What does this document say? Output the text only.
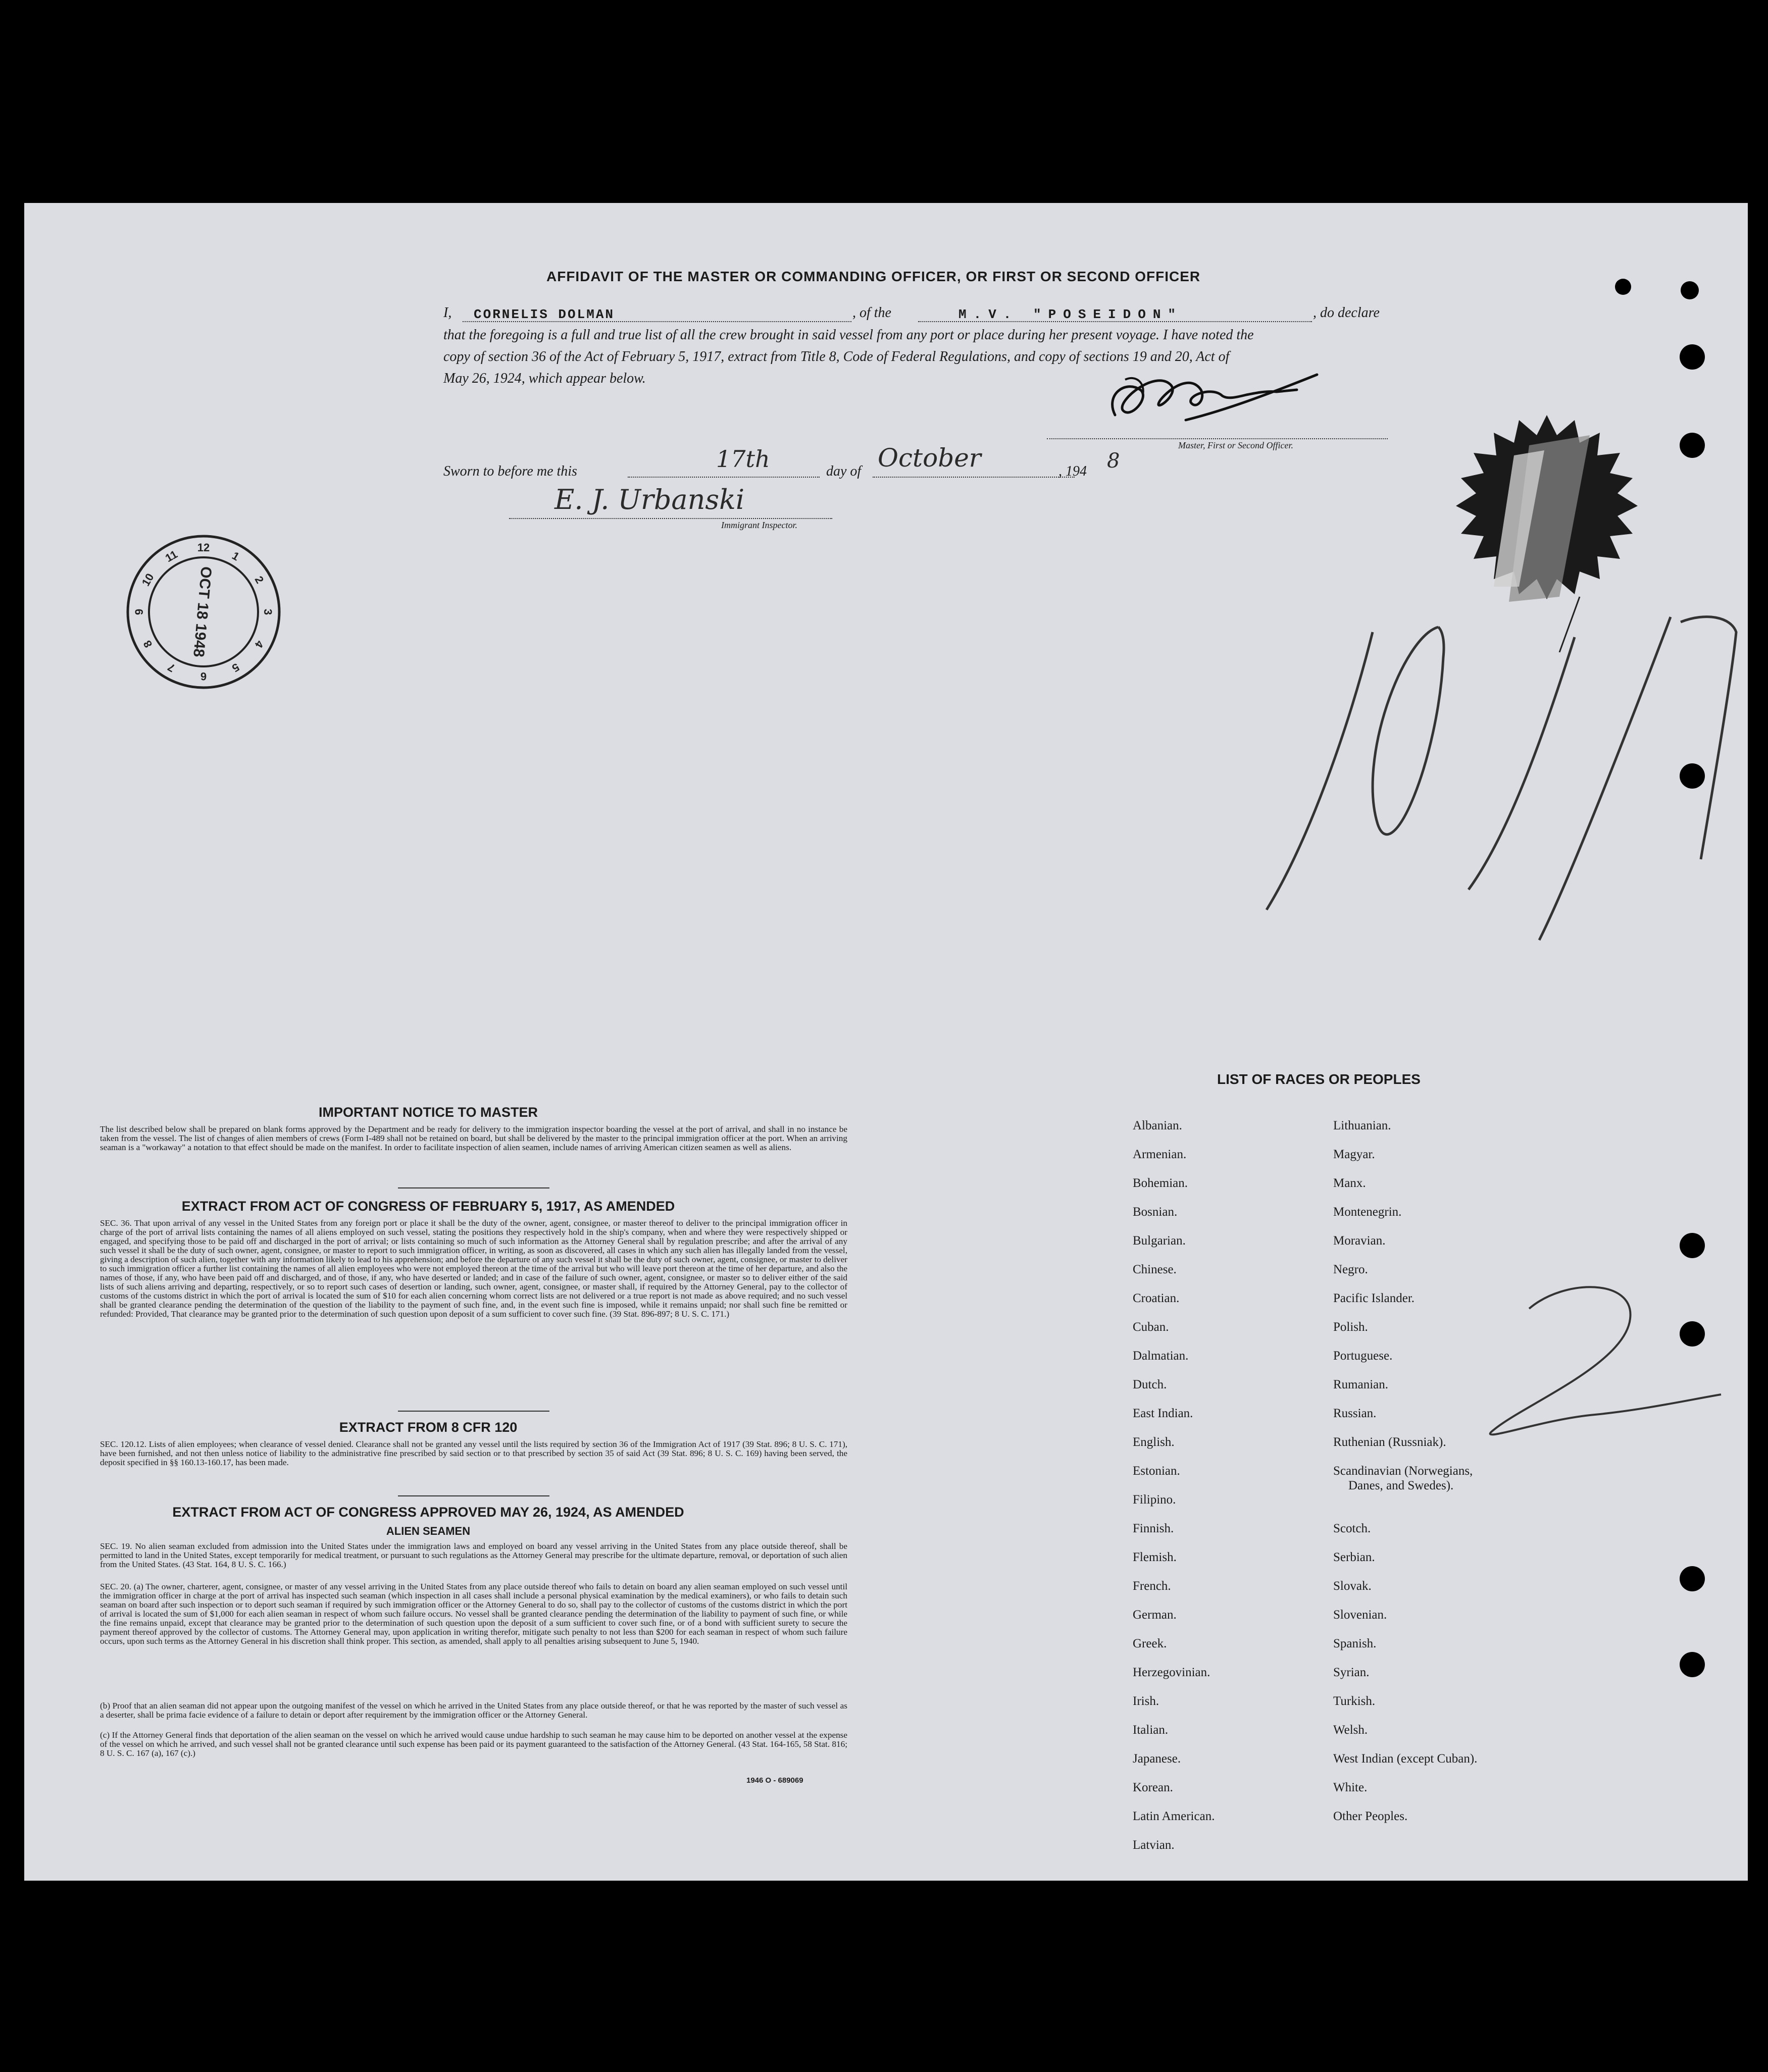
AFFIDAVIT OF THE MASTER OR COMMANDING OFFICER, OR FIRST OR SECOND OFFICER
I, CORNELIS DOLMAN	, of the	M.V. "POSEIDON"	, do declare
that the foregoing is a full and true list of all the crew brought in said vessel from any port or place during her present voyage. I have noted the
copy of section 36 of the Act of February 5, 1917, extract from Title 8, Code of Federal Regulations, and copy of sections 19 and 20, Act of
May 26, 1924, which appear below.
Master, First or Second Officer.
Sworn to before me this	17th	day of October	, 194 8
E. J. Urbanski
Immigrant Inspector.
12
1
2
3
4
5
6
7
8
9
10
11
OCT 18 1948
IMPORTANT NOTICE TO MASTER
The list described below shall be prepared on blank forms approved by the Department and be ready for delivery to the immigration inspector boarding the vessel at the port of arrival, and shall in no instance be taken from the vessel. The list of changes of alien members of crews (Form I-489 shall not be retained on board, but shall be delivered by the master to the principal immigration officer at the port. When an arriving seaman is a "workaway" a notation to that effect should be made on the manifest. In order to facilitate inspection of alien seamen, include names of arriving American citizen seamen as well as aliens.
EXTRACT FROM ACT OF CONGRESS OF FEBRUARY 5, 1917, AS AMENDED
SEC. 36. That upon arrival of any vessel in the United States from any foreign port or place it shall be the duty of the owner, agent, consignee, or master thereof to deliver to the principal immigration officer in charge of the port of arrival lists containing the names of all aliens employed on such vessel, stating the positions they respectively hold in the ship's company, when and where they were respectively shipped or engaged, and specifying those to be paid off and discharged in the port of arrival; or lists containing so much of such information as the Attorney General shall by regulation prescribe; and after the arrival of any such vessel it shall be the duty of such owner, agent, consignee, or master to report to such immigration officer, in writing, as soon as discovered, all cases in which any such alien has illegally landed from the vessel, giving a description of such alien, together with any information likely to lead to his apprehension; and before the departure of any such vessel it shall be the duty of such owner, agent, consignee, or master to deliver to such immigration officer a further list containing the names of all alien employees who were not employed thereon at the time of the arrival but who will leave port thereon at the time of her departure, and also the names of those, if any, who have been paid off and discharged, and of those, if any, who have deserted or landed; and in case of the failure of such owner, agent, consignee, or master so to deliver either of the said lists of such aliens arriving and departing, respectively, or so to report such cases of desertion or landing, such owner, agent, consignee, or master shall, if required by the Attorney General, pay to the collector of customs of the customs district in which the port of arrival is located the sum of $10 for each alien concerning whom correct lists are not delivered or a true report is not made as above required; and no such vessel shall be granted clearance pending the determination of the question of the liability to the payment of such fine, and, in the event such fine is imposed, while it remains unpaid; nor shall such fine be remitted or refunded: Provided, That clearance may be granted prior to the determination of such question upon deposit of a sum sufficient to cover such fine. (39 Stat. 896-897; 8 U. S. C. 171.)
EXTRACT FROM 8 CFR 120
SEC. 120.12. Lists of alien employees; when clearance of vessel denied. Clearance shall not be granted any vessel until the lists required by section 36 of the Immigration Act of 1917 (39 Stat. 896; 8 U. S. C. 171), have been furnished, and not then unless notice of liability to the administrative fine prescribed by said section or to that prescribed by section 35 of said Act (39 Stat. 896; 8 U. S. C. 169) having been served, the deposit specified in §§ 160.13-160.17, has been made.
EXTRACT FROM ACT OF CONGRESS APPROVED MAY 26, 1924, AS AMENDED
ALIEN SEAMEN
SEC. 19. No alien seaman excluded from admission into the United States under the immigration laws and employed on board any vessel arriving in the United States from any place outside thereof, shall be permitted to land in the United States, except temporarily for medical treatment, or pursuant to such regulations as the Attorney General may prescribe for the ultimate departure, removal, or deportation of such alien from the United States. (43 Stat. 164, 8 U. S. C. 166.)
SEC. 20. (a) The owner, charterer, agent, consignee, or master of any vessel arriving in the United States from any place outside thereof who fails to detain on board any alien seaman employed on such vessel until the immigration officer in charge at the port of arrival has inspected such seaman (which inspection in all cases shall include a personal physical examination by the medical examiners), or who fails to detain such seaman on board after such inspection or to deport such seaman if required by such immigration officer or the Attorney General to do so, shall pay to the collector of customs of the customs district in which the port of arrival is located the sum of $1,000 for each alien seaman in respect of whom such failure occurs. No vessel shall be granted clearance pending the determination of the liability to payment of such fine, or while the fine remains unpaid, except that clearance may be granted prior to the determination of such question upon the deposit of a sum sufficient to cover such fine, or of a bond with sufficient surety to secure the payment thereof approved by the collector of customs. The Attorney General may, upon application in writing therefor, mitigate such penalty to not less than $200 for each seaman in respect of whom such failure occurs, upon such terms as the Attorney General in his discretion shall think proper. This section, as amended, shall apply to all penalties arising subsequent to June 5, 1940.
(b) Proof that an alien seaman did not appear upon the outgoing manifest of the vessel on which he arrived in the United States from any place outside thereof, or that he was reported by the master of such vessel as a deserter, shall be prima facie evidence of a failure to detain or deport after requirement by the immigration officer or the Attorney General.
(c) If the Attorney General finds that deportation of the alien seaman on the vessel on which he arrived would cause undue hardship to such seaman he may cause him to be deported on another vessel at the expense of the vessel on which he arrived, and such vessel shall not be granted clearance until such expense has been paid or its payment guaranteed to the satisfaction of the Attorney General. (43 Stat. 164-165, 58 Stat. 816; 8 U. S. C. 167 (a), 167 (c).)
1946 O - 689069
LIST OF RACES OR PEOPLES
Albanian.
Armenian.
Bohemian.
Bosnian.
Bulgarian.
Chinese.
Croatian.
Cuban.
Dalmatian.
Dutch.
East Indian.
English.
Estonian.
Filipino.
Finnish.
Flemish.
French.
German.
Greek.
Herzegovinian.
Irish.
Italian.
Japanese.
Korean.
Latin American.
Latvian.
Lithuanian.
Magyar.
Manx.
Montenegrin.
Moravian.
Negro.
Pacific Islander.
Polish.
Portuguese.
Rumanian.
Russian.
Ruthenian (Russniak).
Scandinavian (Norwegians,
Danes, and Swedes).
Scotch.
Serbian.
Slovak.
Slovenian.
Spanish.
Syrian.
Turkish.
Welsh.
West Indian (except Cuban).
White.
Other Peoples.
